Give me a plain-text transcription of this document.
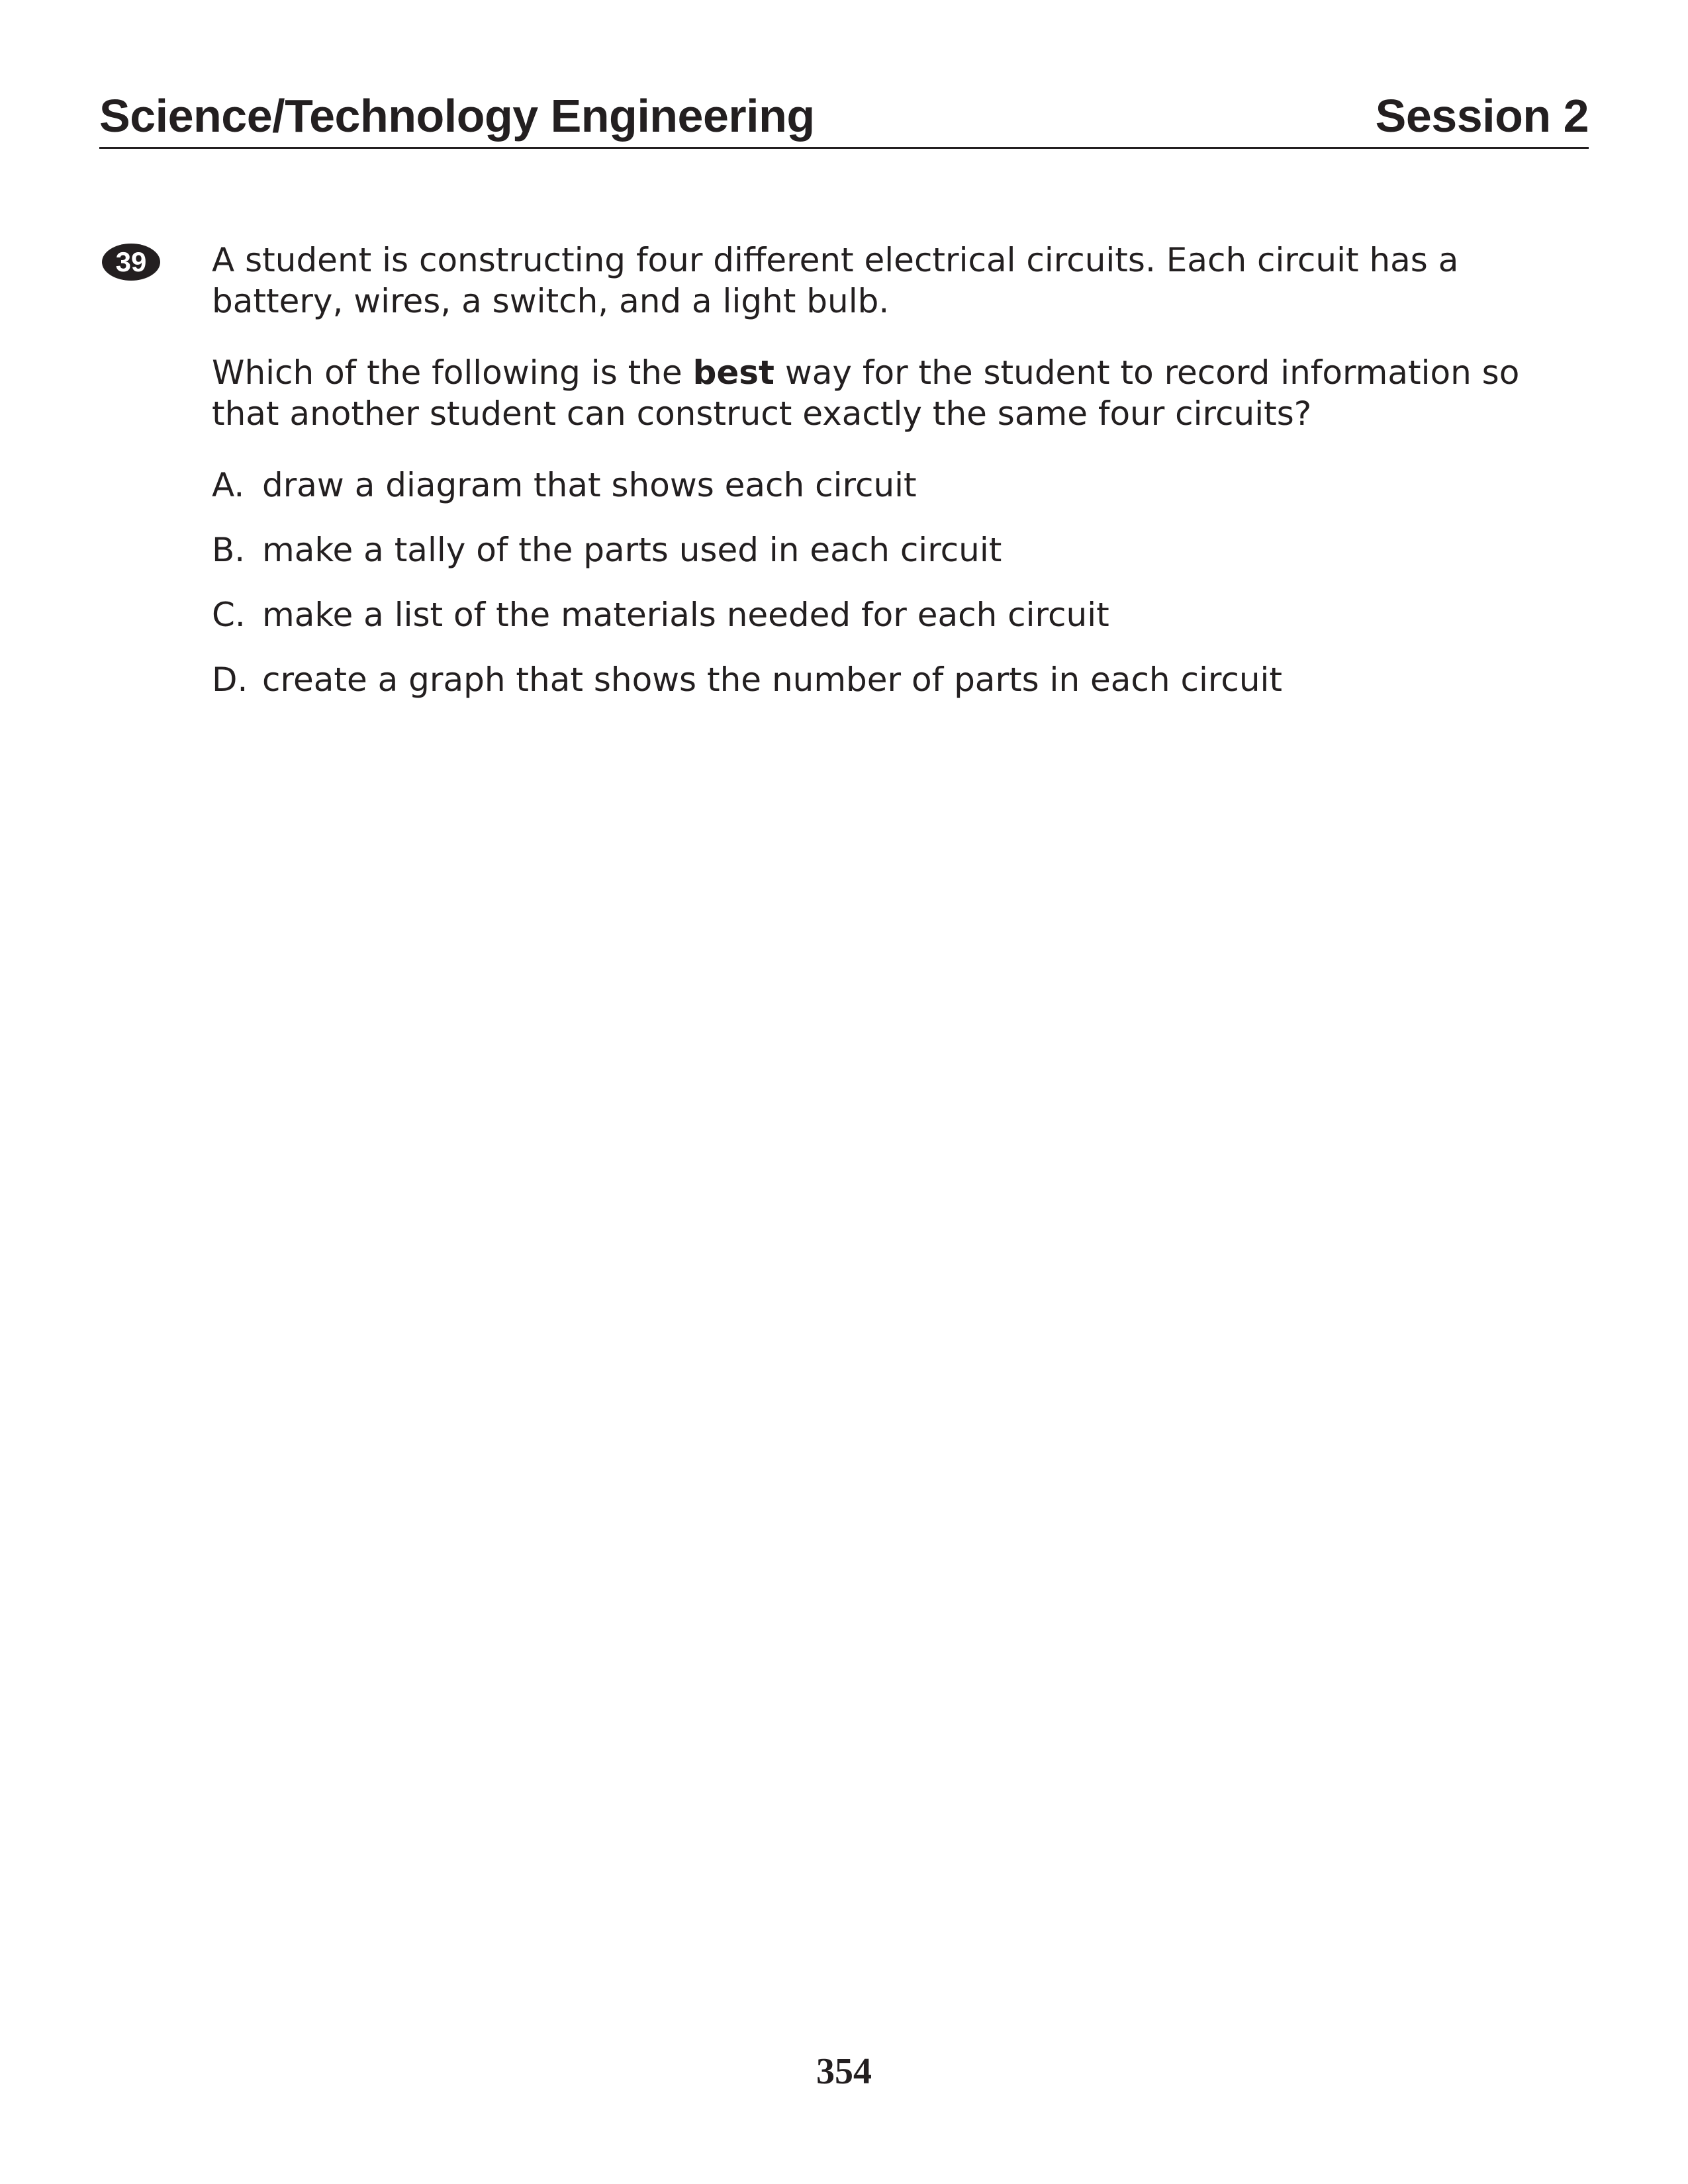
Science/Technology Engineering	Session 2
39	A student is constructing four different electrical circuits. Each circuit has a battery, wires, a switch, and a light bulb.

Which of the following is the best way for the student to record information so that another student can construct exactly the same four circuits?

A. draw a diagram that shows each circuit
B. make a tally of the parts used in each circuit
C. make a list of the materials needed for each circuit
D. create a graph that shows the number of parts in each circuit
354
